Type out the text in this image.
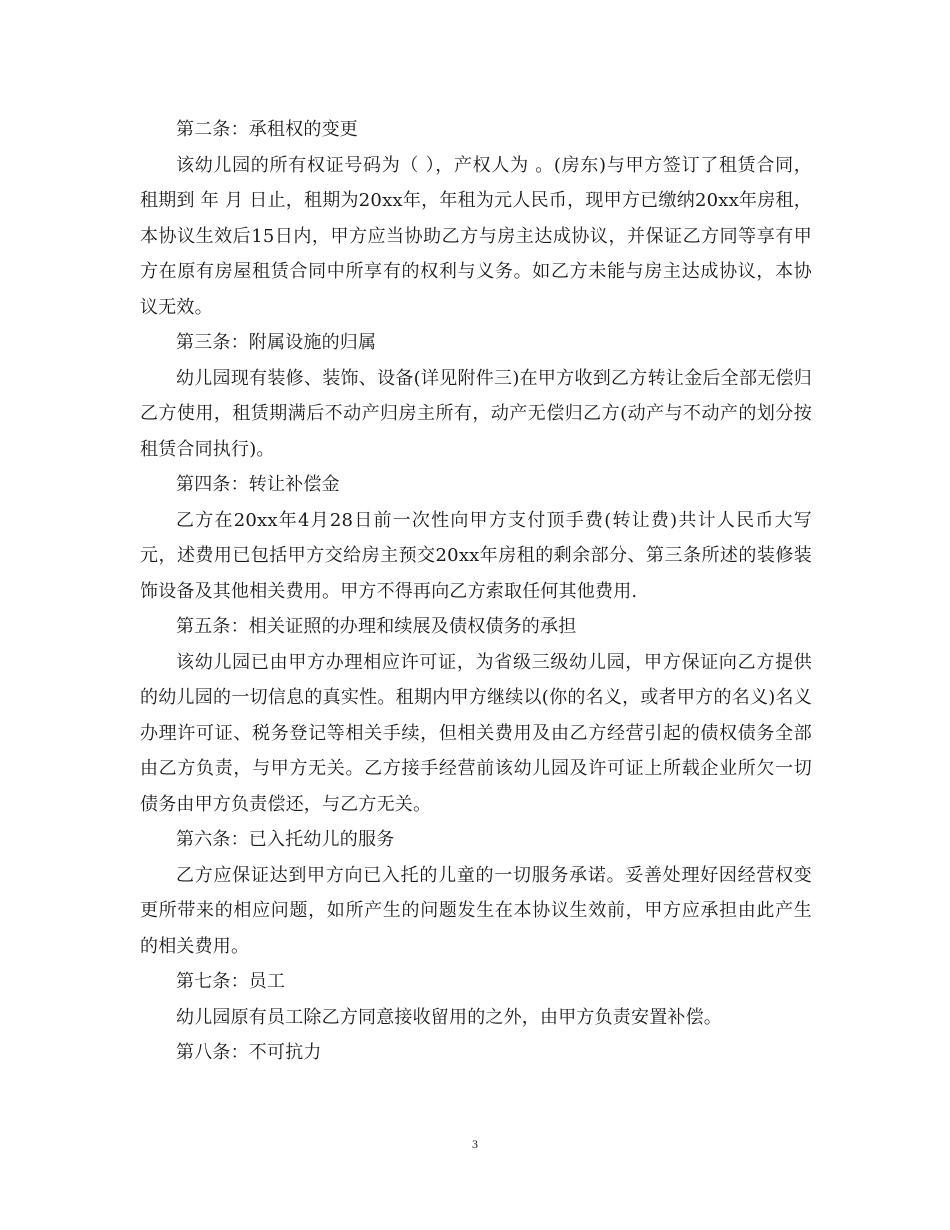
第二条：承租权的变更

该幼儿园的所有权证号码为（ ），产权人为 。(房东)与甲方签订了租赁合同，租期到 年 月 日止，租期为20xx年，年租为元人民币，现甲方已缴纳20xx年房租，本协议生效后15日内，甲方应当协助乙方与房主达成协议，并保证乙方同等享有甲方在原有房屋租赁合同中所享有的权利与义务。如乙方未能与房主达成协议，本协议无效。

第三条：附属设施的归属

幼儿园现有装修、装饰、设备(详见附件三)在甲方收到乙方转让金后全部无偿归乙方使用，租赁期满后不动产归房主所有，动产无偿归乙方(动产与不动产的划分按租赁合同执行)。

第四条：转让补偿金

乙方在20xx年4月28日前一次性向甲方支付顶手费(转让费)共计人民币大写元，述费用已包括甲方交给房主预交20xx年房租的剩余部分、第三条所述的装修装饰设备及其他相关费用。甲方不得再向乙方索取任何其他费用.

第五条：相关证照的办理和续展及债权债务的承担

该幼儿园已由甲方办理相应许可证，为省级三级幼儿园，甲方保证向乙方提供的幼儿园的一切信息的真实性。租期内甲方继续以(你的名义，或者甲方的名义)名义办理许可证、税务登记等相关手续，但相关费用及由乙方经营引起的债权债务全部由乙方负责，与甲方无关。乙方接手经营前该幼儿园及许可证上所载企业所欠一切债务由甲方负责偿还，与乙方无关。

第六条：已入托幼儿的服务

乙方应保证达到甲方向已入托的儿童的一切服务承诺。妥善处理好因经营权变更所带来的相应问题，如所产生的问题发生在本协议生效前，甲方应承担由此产生的相关费用。

第七条：员工

幼儿园原有员工除乙方同意接收留用的之外，由甲方负责安置补偿。

第八条：不可抗力

3
